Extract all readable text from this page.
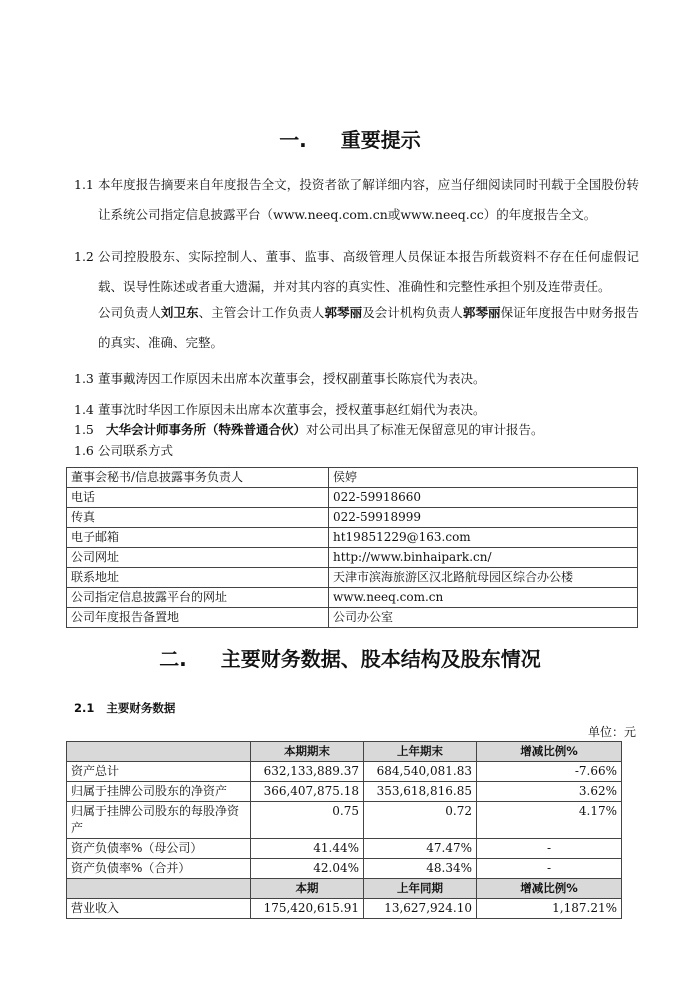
一. 重要提示
1.1 本年度报告摘要来自年度报告全文，投资者欲了解详细内容，应当仔细阅读同时刊载于全国股份转让系统公司指定信息披露平台（www.neeq.com.cn或www.neeq.cc）的年度报告全文。
1.2 公司控股股东、实际控制人、董事、监事、高级管理人员保证本报告所载资料不存在任何虚假记载、误导性陈述或者重大遗漏，并对其内容的真实性、准确性和完整性承担个别及连带责任。
公司负责人刘卫东、主管会计工作负责人郭琴丽及会计机构负责人郭琴丽保证年度报告中财务报告的真实、准确、完整。
1.3 董事戴涛因工作原因未出席本次董事会，授权副董事长陈宸代为表决。
1.4 董事沈时华因工作原因未出席本次董事会，授权董事赵红娟代为表决。
1.5 大华会计师事务所（特殊普通合伙）对公司出具了标准无保留意见的审计报告。
1.6 公司联系方式
董事会秘书/信息披露事务负责人	侯婷
电话	022-59918660
传真	022-59918999
电子邮箱	ht19851229@163.com
公司网址	http://www.binhaipark.cn/
联系地址	天津市滨海旅游区汉北路航母园区综合办公楼
公司指定信息披露平台的网址	www.neeq.com.cn
公司年度报告备置地	公司办公室
二. 主要财务数据、股本结构及股东情况
2.1 主要财务数据
单位：元
	本期期末	上年期末	增减比例%
资产总计	632,133,889.37	684,540,081.83	-7.66%
归属于挂牌公司股东的净资产	366,407,875.18	353,618,816.85	3.62%
归属于挂牌公司股东的每股净资产	0.75	0.72	4.17%
资产负债率%（母公司）	41.44%	47.47%	-
资产负债率%（合并）	42.04%	48.34%	-
	本期	上年同期	增减比例%
营业收入	175,420,615.91	13,627,924.10	1,187.21%
